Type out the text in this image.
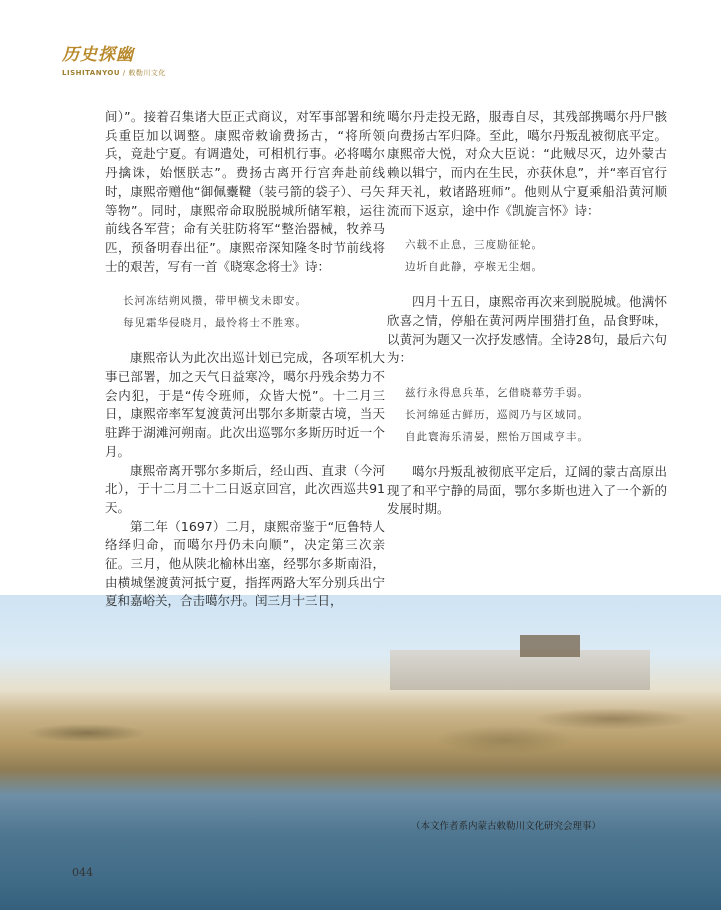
历史探幽
LISHITANYOU / 敕勒川文化

间）”。接着召集诸大臣正式商议，对军事部署和统兵重臣加以调整。康熙帝敕谕费扬古，“将所领兵，竟赴宁夏。有调遣处，可相机行事。必将噶尔丹擒诛，始惬朕志”。费扬古离开行宫奔赴前线时，康熙帝赠他“御佩櫜鞬（装弓箭的袋子）、弓矢等物”。同时，康熙帝命取脱脱城所储军粮，运往前线各军营；命有关驻防将军“整治器械，牧养马匹，预备明春出征”。康熙帝深知隆冬时节前线将士的艰苦，写有一首《晓寒念将士》诗：

长河冻结朔风攒，带甲横戈未即安。
每见霜华侵晓月，最怜将士不胜寒。

康熙帝认为此次出巡计划已完成，各项军机大事已部署，加之天气日益寒冷，噶尔丹残余势力不会内犯，于是“传令班师，众皆大悦”。十二月三日，康熙帝率军复渡黄河出鄂尔多斯蒙古境，当天驻跸于湖滩河朔南。此次出巡鄂尔多斯历时近一个月。

康熙帝离开鄂尔多斯后，经山西、直隶（今河北），于十二月二十二日返京回宫，此次西巡共91天。

第二年（1697）二月，康熙帝鉴于“厄鲁特人络绎归命，而噶尔丹仍未向顺”，决定第三次亲征。三月，他从陕北榆林出塞，经鄂尔多斯南沿，由横城堡渡黄河抵宁夏，指挥两路大军分别兵出宁夏和嘉峪关，合击噶尔丹。闰三月十三日，

噶尔丹走投无路，服毒自尽，其残部携噶尔丹尸骸向费扬古军归降。至此，噶尔丹叛乱被彻底平定。康熙帝大悦，对众大臣说：“此贼尽灭，边外蒙古赖以辑宁，而内在生民，亦获休息”，并“率百官行拜天礼，敕诸路班师”。他则从宁夏乘船沿黄河顺流而下返京，途中作《凯旋言怀》诗：

六载不止息，三度励征轮。
边圻自此静，亭堠无尘烟。

四月十五日，康熙帝再次来到脱脱城。他满怀欣喜之情，停船在黄河两岸围猎打鱼，品食野味，以黄河为题又一次抒发感情。全诗28句，最后六句为：

兹行永得息兵革，乞借晓幕劳手弱。
长河绵延古鲜历，巡阅乃与区域同。
自此寰海乐清晏，熙怡万国咸亨丰。

噶尔丹叛乱被彻底平定后，辽阔的蒙古高原出现了和平宁静的局面，鄂尔多斯也进入了一个新的发展时期。

（本文作者系内蒙古敕勒川文化研究会理事）
044
